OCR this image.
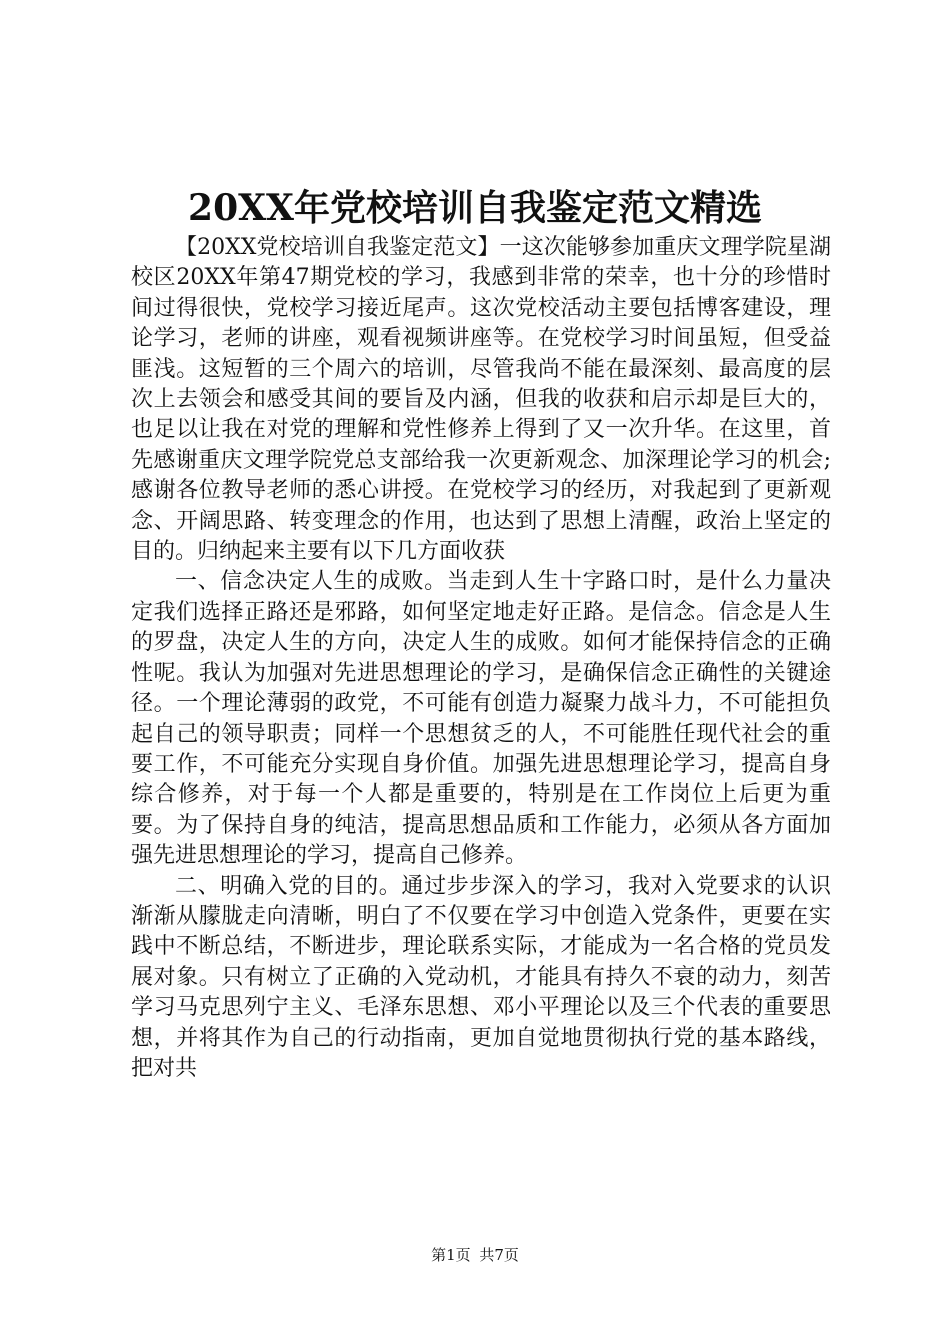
20XX年党校培训自我鉴定范文精选

【20XX党校培训自我鉴定范文】一这次能够参加重庆文理学院星湖校区20XX年第47期党校的学习，我感到非常的荣幸，也十分的珍惜时间过得很快，党校学习接近尾声。这次党校活动主要包括博客建设，理论学习，老师的讲座，观看视频讲座等。在党校学习时间虽短，但受益匪浅。这短暂的三个周六的培训，尽管我尚不能在最深刻、最高度的层次上去领会和感受其间的要旨及内涵，但我的收获和启示却是巨大的，也足以让我在对党的理解和党性修养上得到了又一次升华。在这里，首先感谢重庆文理学院党总支部给我一次更新观念、加深理论学习的机会;感谢各位教导老师的悉心讲授。在党校学习的经历，对我起到了更新观念、开阔思路、转变理念的作用，也达到了思想上清醒，政治上坚定的目的。归纳起来主要有以下几方面收获

一、信念决定人生的成败。当走到人生十字路口时，是什么力量决定我们选择正路还是邪路，如何坚定地走好正路。是信念。信念是人生的罗盘，决定人生的方向，决定人生的成败。如何才能保持信念的正确性呢。我认为加强对先进思想理论的学习，是确保信念正确性的关键途径。一个理论薄弱的政党，不可能有创造力凝聚力战斗力，不可能担负起自己的领导职责；同样一个思想贫乏的人，不可能胜任现代社会的重要工作，不可能充分实现自身价值。加强先进思想理论学习，提高自身综合修养，对于每一个人都是重要的，特别是在工作岗位上后更为重要。为了保持自身的纯洁，提高思想品质和工作能力，必须从各方面加强先进思想理论的学习，提高自己修养。

二、明确入党的目的。通过步步深入的学习，我对入党要求的认识渐渐从朦胧走向清晰，明白了不仅要在学习中创造入党条件，更要在实践中不断总结，不断进步，理论联系实际，才能成为一名合格的党员发展对象。只有树立了正确的入党动机，才能具有持久不衰的动力，刻苦学习马克思列宁主义、毛泽东思想、邓小平理论以及三个代表的重要思想，并将其作为自己的行动指南，更加自觉地贯彻执行党的基本路线，把对共

第1页 共7页
